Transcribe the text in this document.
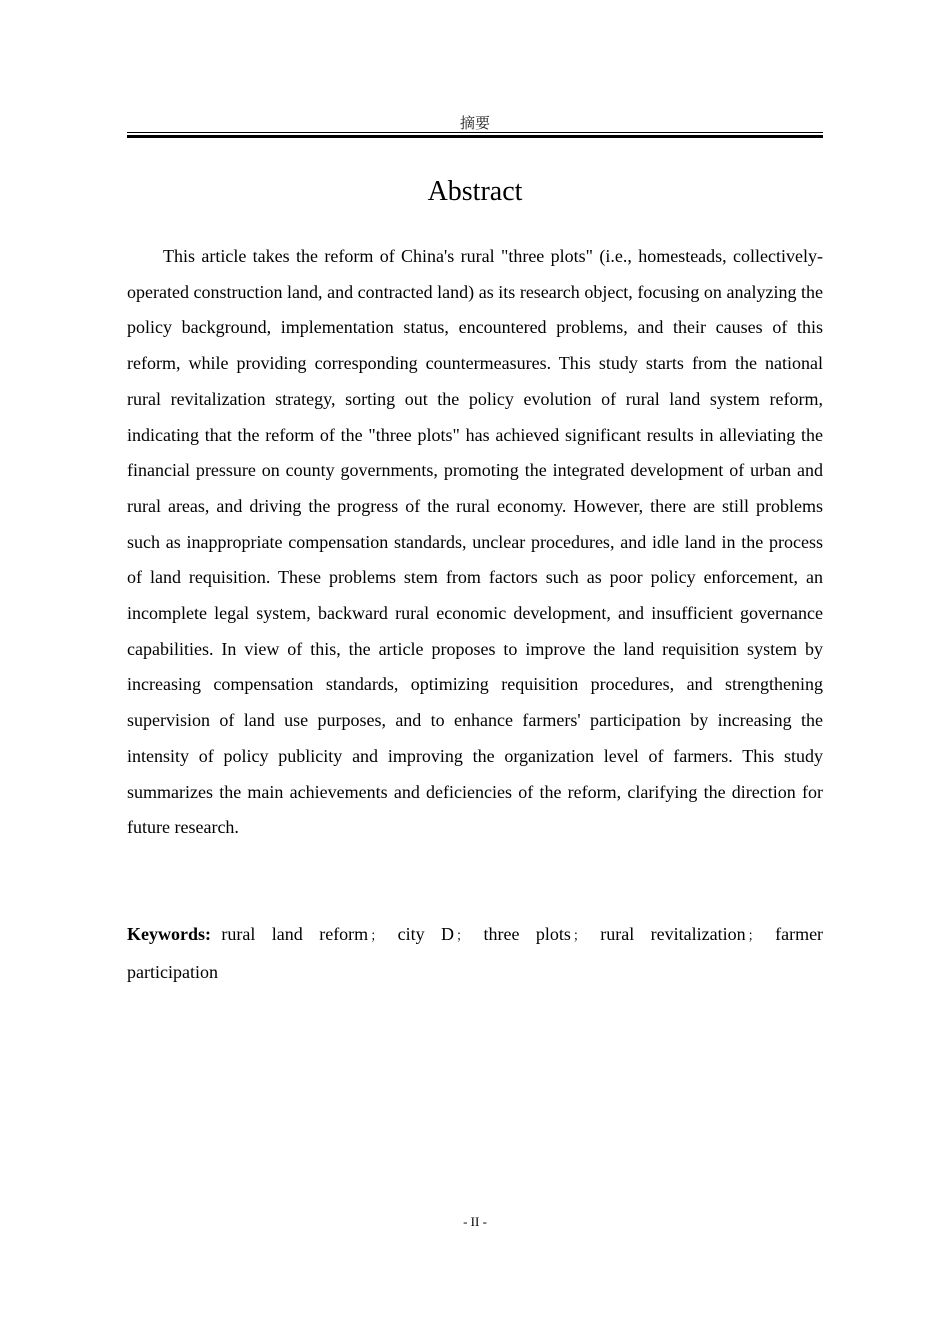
摘要
Abstract

This article takes the reform of China's rural "three plots" (i.e., homesteads, collectively-operated construction land, and contracted land) as its research object, focusing on analyzing the policy background, implementation status, encountered problems, and their causes of this reform, while providing corresponding countermeasures. This study starts from the national rural revitalization strategy, sorting out the policy evolution of rural land system reform, indicating that the reform of the "three plots" has achieved significant results in alleviating the financial pressure on county governments, promoting the integrated development of urban and rural areas, and driving the progress of the rural economy. However, there are still problems such as inappropriate compensation standards, unclear procedures, and idle land in the process of land requisition. These problems stem from factors such as poor policy enforcement, an incomplete legal system, backward rural economic development, and insufficient governance capabilities. In view of this, the article proposes to improve the land requisition system by increasing compensation standards, optimizing requisition procedures, and strengthening supervision of land use purposes, and to enhance farmers' participation by increasing the intensity of policy publicity and improving the organization level of farmers. This study summarizes the main achievements and deficiencies of the reform, clarifying the direction for future research.

Keywords: rural land reform ； city D ； three plots ； rural revitalization ； farmer participation

- II -
